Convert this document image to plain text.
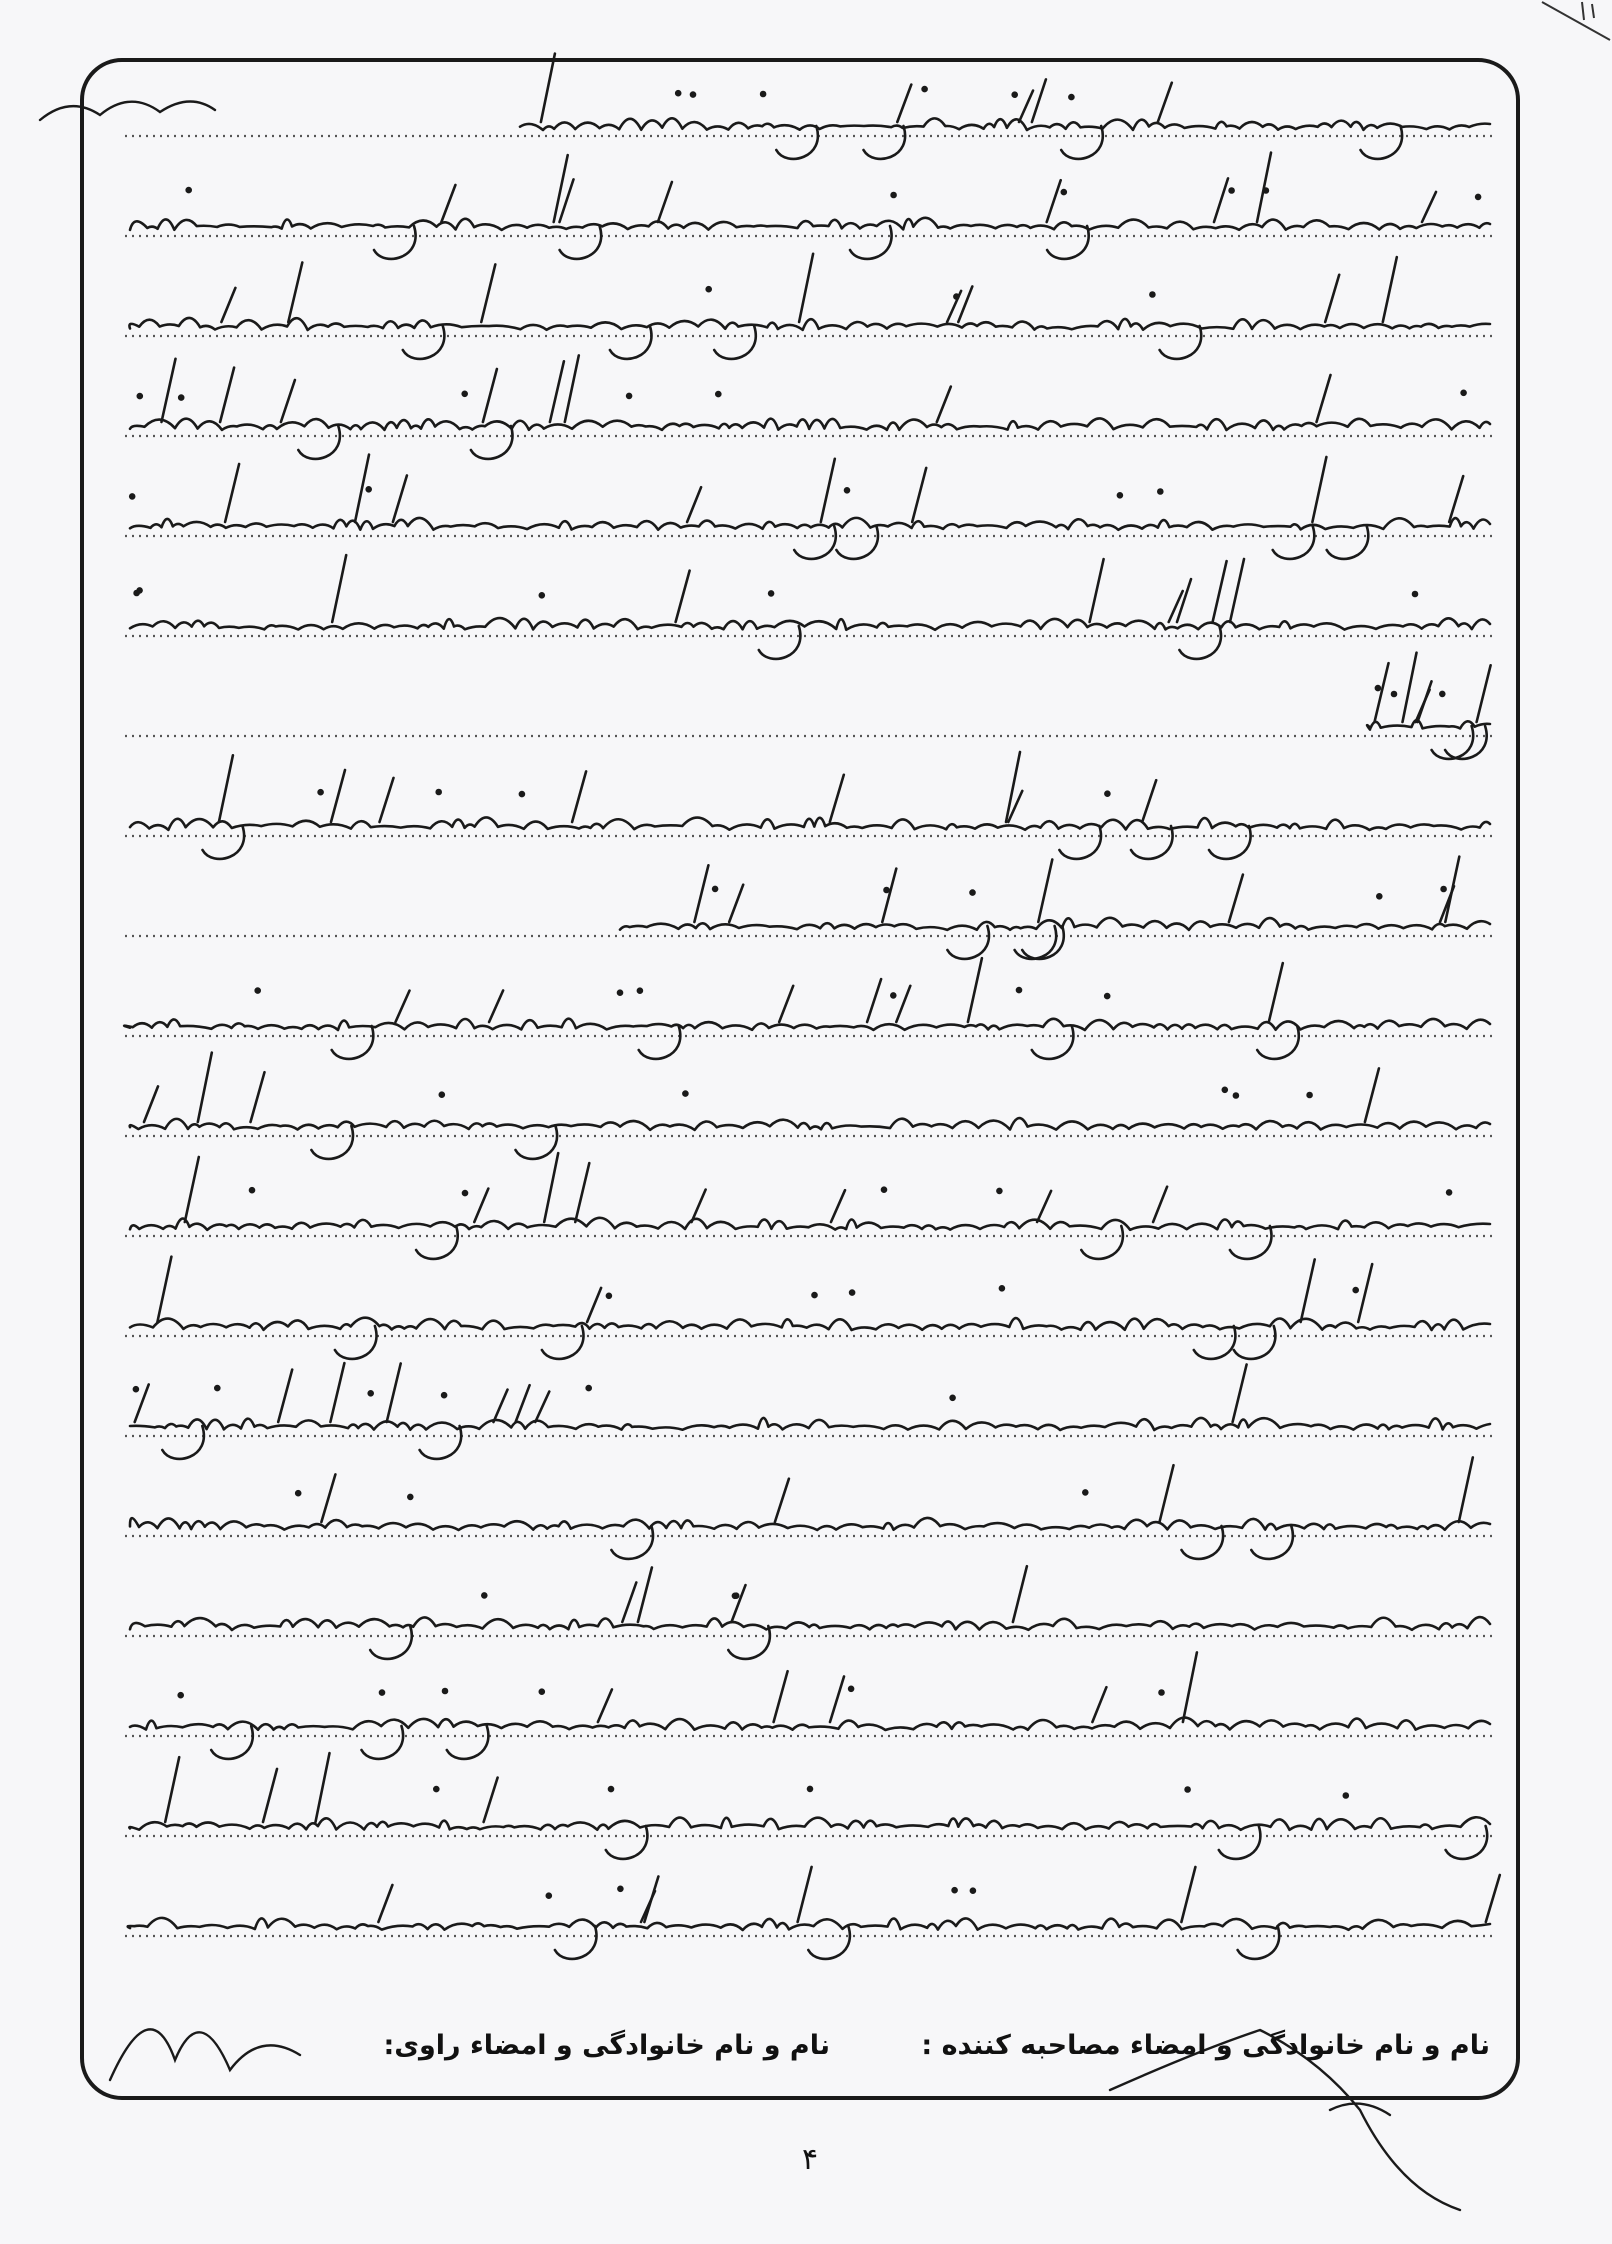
نام و نام خانوادگی و امضاء مصاحبه کننده :
نام و نام خانوادگی و امضاء راوی:
۴
